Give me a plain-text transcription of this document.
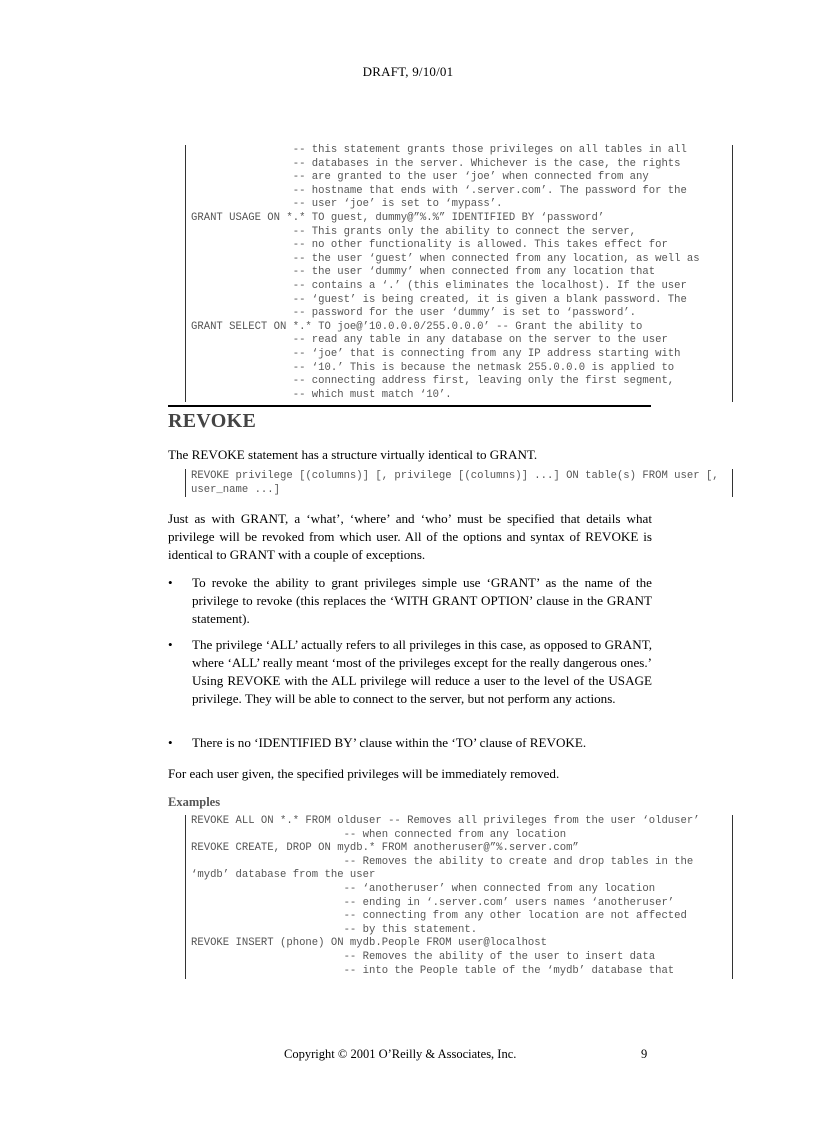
DRAFT, 9/10/01
-- this statement grants those privileges on all tables in all
-- databases in the server. Whichever is the case, the rights
-- are granted to the user ‘joe’ when connected from any
-- hostname that ends with ‘.server.com’. The password for the
-- user ‘joe’ is set to ‘mypass’.
GRANT USAGE ON *.* TO guest, dummy@”%.%” IDENTIFIED BY ‘password’
-- This grants only the ability to connect the server,
-- no other functionality is allowed. This takes effect for
-- the user ‘guest’ when connected from any location, as well as
-- the user ‘dummy’ when connected from any location that
-- contains a ‘.’ (this eliminates the localhost). If the user
-- ‘guest’ is being created, it is given a blank password. The
-- password for the user ‘dummy’ is set to ‘password’.
GRANT SELECT ON *.* TO joe@’10.0.0.0/255.0.0.0’ -- Grant the ability to
-- read any table in any database on the server to the user
-- ‘joe’ that is connecting from any IP address starting with
-- ‘10.’ This is because the netmask 255.0.0.0 is applied to
-- connecting address first, leaving only the first segment,
-- which must match ‘10’.
REVOKE

The REVOKE statement has a structure virtually identical to GRANT.

REVOKE privilege [(columns)] [, privilege [(columns)] ...] ON table(s) FROM user [,
user_name ...]

Just as with GRANT, a ‘what’, ‘where’ and ‘who’ must be specified that details what privilege will be revoked from which user. All of the options and syntax of REVOKE is identical to GRANT with a couple of exceptions.

• To revoke the ability to grant privileges simple use ‘GRANT’ as the name of the privilege to revoke (this replaces the ‘WITH GRANT OPTION’ clause in the GRANT statement).
• The privilege ‘ALL’ actually refers to all privileges in this case, as opposed to GRANT, where ‘ALL’ really meant ‘most of the privileges except for the really dangerous ones.’ Using REVOKE with the ALL privilege will reduce a user to the level of the USAGE privilege. They will be able to connect to the server, but not perform any actions.
• There is no ‘IDENTIFIED BY’ clause within the ‘TO’ clause of REVOKE.

For each user given, the specified privileges will be immediately removed.

Examples
REVOKE ALL ON *.* FROM olduser -- Removes all privileges from the user ‘olduser’
-- when connected from any location
REVOKE CREATE, DROP ON mydb.* FROM anotheruser@”%.server.com”
-- Removes the ability to create and drop tables in the
‘mydb’ database from the user
-- ‘anotheruser’ when connected from any location
-- ending in ‘.server.com’ users names ‘anotheruser’
-- connecting from any other location are not affected
-- by this statement.
REVOKE INSERT (phone) ON mydb.People FROM user@localhost
-- Removes the ability of the user to insert data
-- into the People table of the ‘mydb’ database that
Copyright © 2001 O’Reilly & Associates, Inc.	9
